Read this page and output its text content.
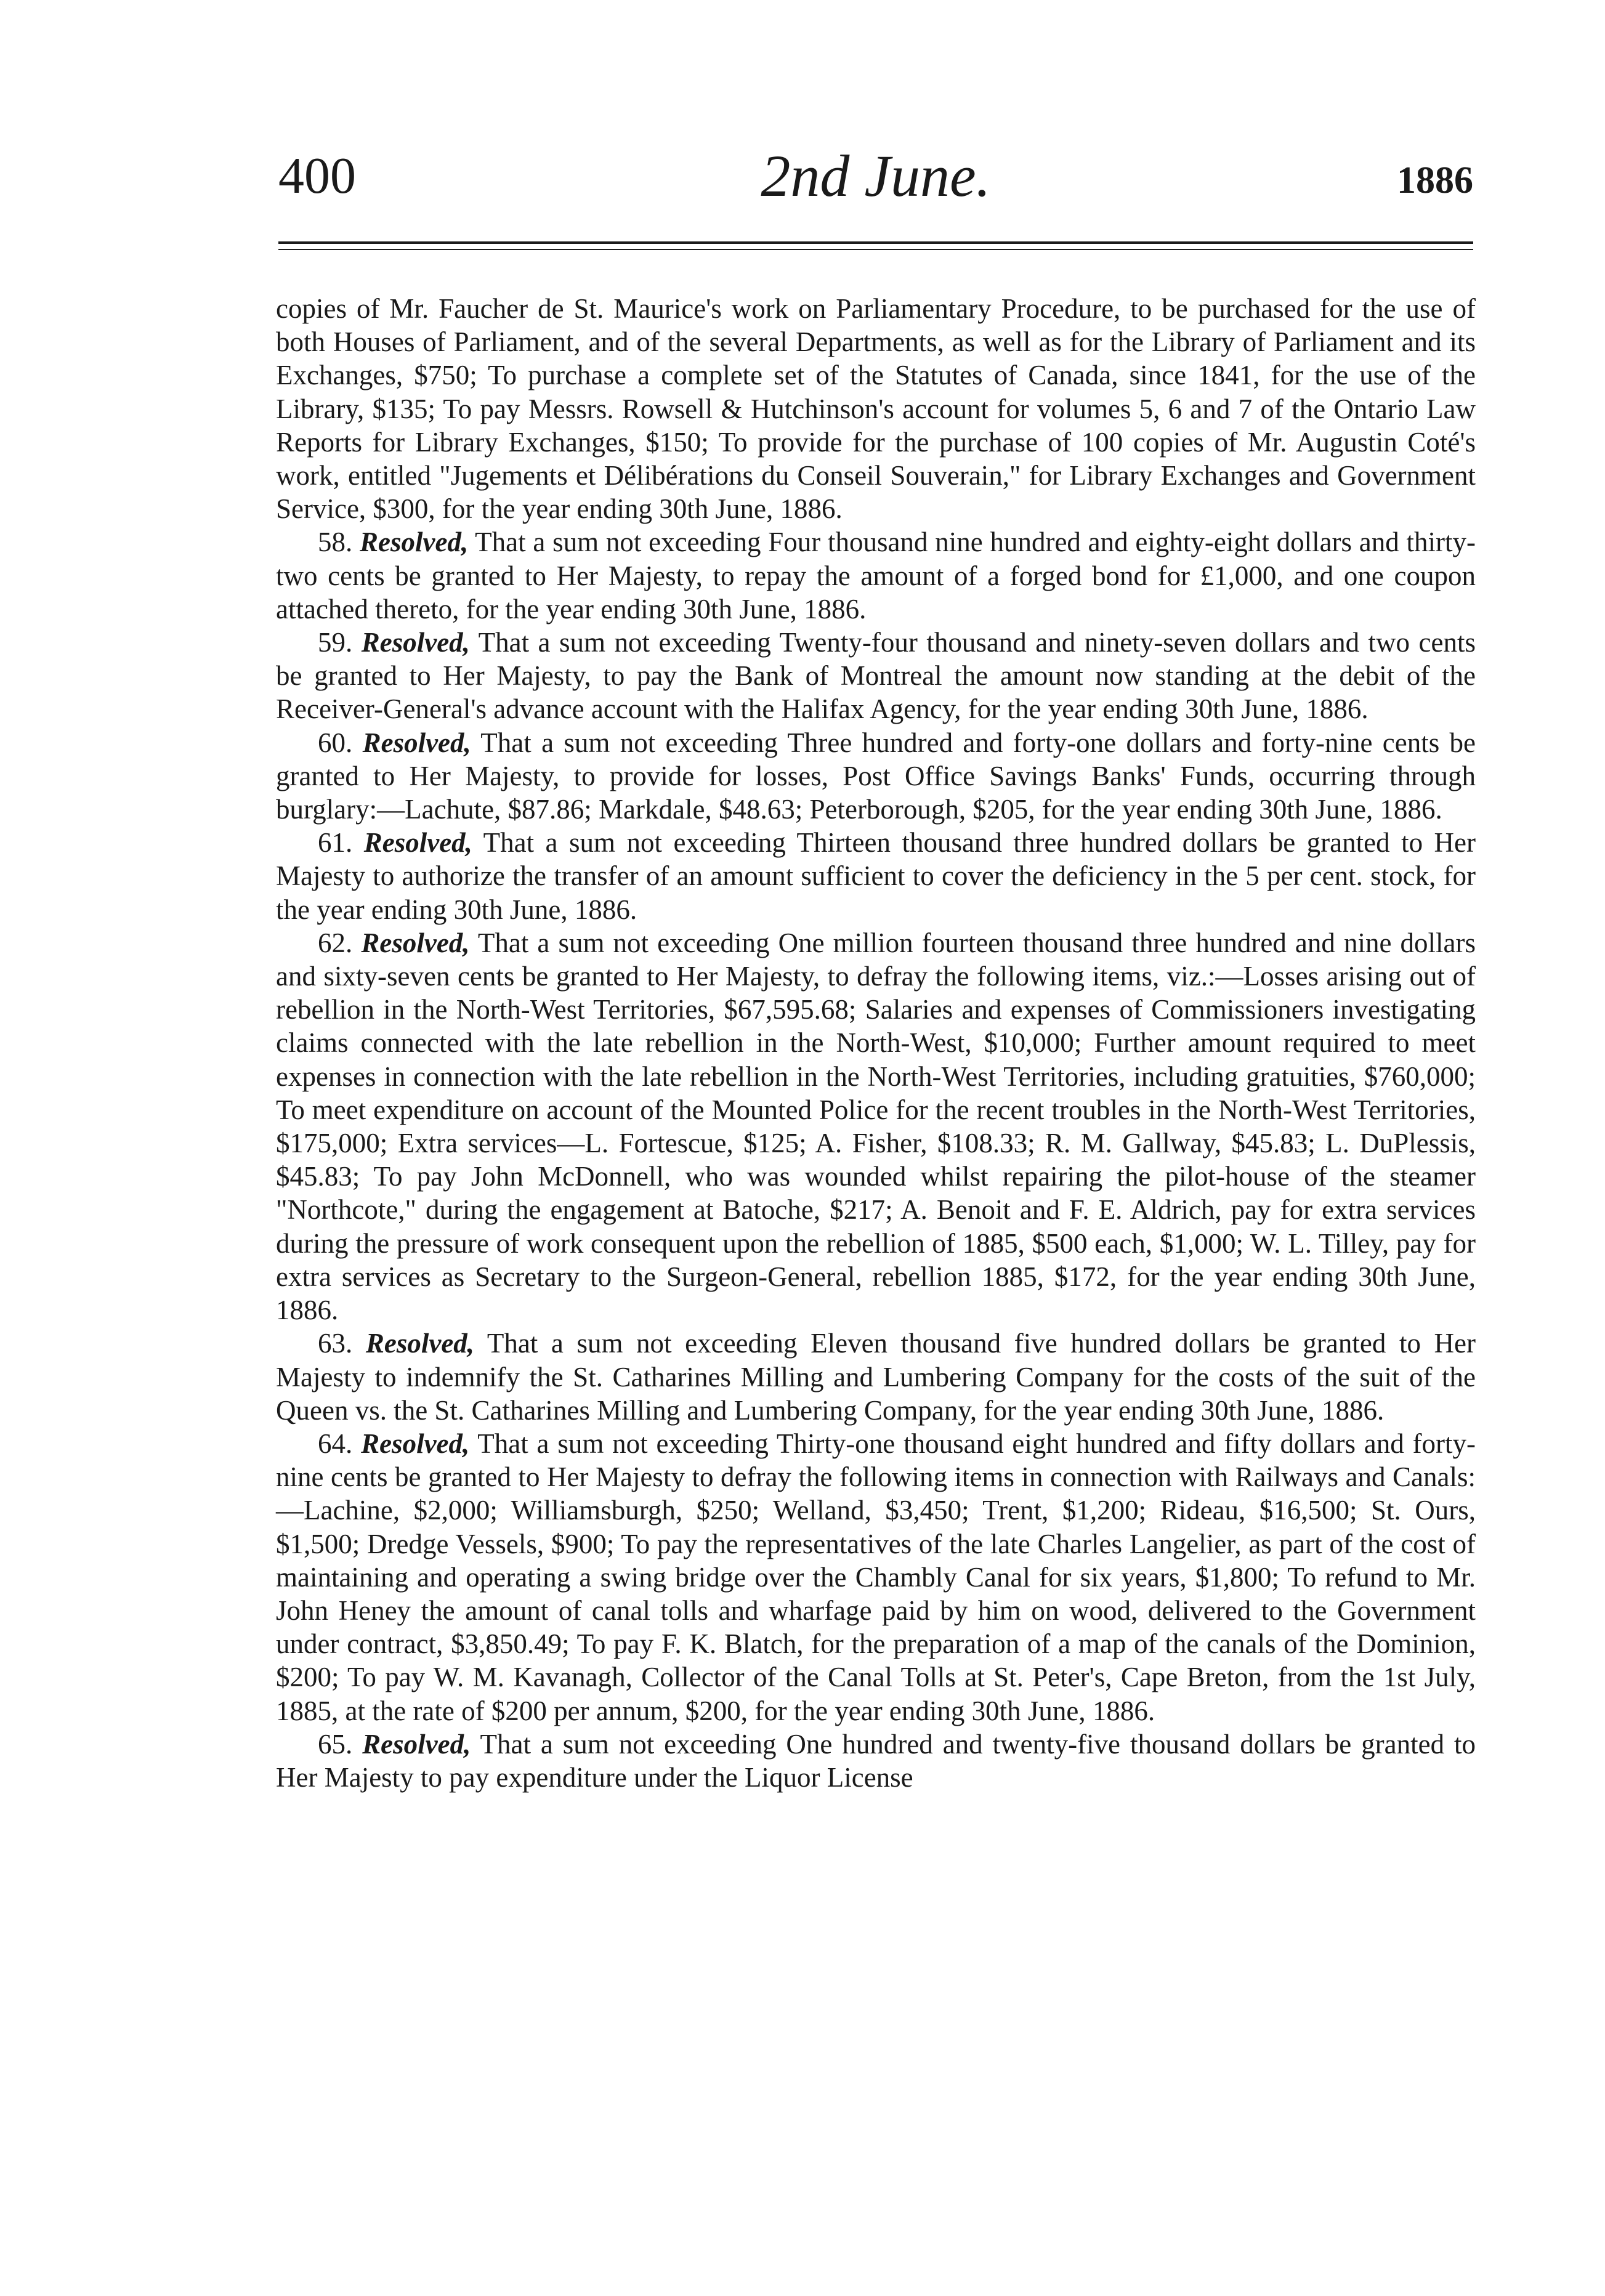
400	2nd June.	1886

copies of Mr. Faucher de St. Maurice's work on Parliamentary Procedure, to be purchased for the use of both Houses of Parliament, and of the several Departments, as well as for the Library of Parliament and its Exchanges, $750; To purchase a complete set of the Statutes of Canada, since 1841, for the use of the Library, $135; To pay Messrs. Rowsell & Hutchinson's account for volumes 5, 6 and 7 of the Ontario Law Reports for Library Exchanges, $150; To provide for the purchase of 100 copies of Mr. Augustin Coté's work, entitled "Jugements et Délibérations du Conseil Souverain," for Library Exchanges and Government Service, $300, for the year ending 30th June, 1886.

58. Resolved, That a sum not exceeding Four thousand nine hundred and eighty-eight dollars and thirty-two cents be granted to Her Majesty, to repay the amount of a forged bond for £1,000, and one coupon attached thereto, for the year ending 30th June, 1886.

59. Resolved, That a sum not exceeding Twenty-four thousand and ninety-seven dollars and two cents be granted to Her Majesty, to pay the Bank of Montreal the amount now standing at the debit of the Receiver-General's advance account with the Halifax Agency, for the year ending 30th June, 1886.

60. Resolved, That a sum not exceeding Three hundred and forty-one dollars and forty-nine cents be granted to Her Majesty, to provide for losses, Post Office Savings Banks' Funds, occurring through burglary:—Lachute, $87.86; Markdale, $48.63; Peterborough, $205, for the year ending 30th June, 1886.

61. Resolved, That a sum not exceeding Thirteen thousand three hundred dollars be granted to Her Majesty to authorize the transfer of an amount sufficient to cover the deficiency in the 5 per cent. stock, for the year ending 30th June, 1886.

62. Resolved, That a sum not exceeding One million fourteen thousand three hundred and nine dollars and sixty-seven cents be granted to Her Majesty, to defray the following items, viz.:—Losses arising out of rebellion in the North-West Territories, $67,595.68; Salaries and expenses of Commissioners investigating claims connected with the late rebellion in the North-West, $10,000; Further amount required to meet expenses in connection with the late rebellion in the North-West Territories, including gratuities, $760,000; To meet expenditure on account of the Mounted Police for the recent troubles in the North-West Territories, $175,000; Extra services—L. Fortescue, $125; A. Fisher, $108.33; R. M. Gallway, $45.83; L. DuPlessis, $45.83; To pay John McDonnell, who was wounded whilst repairing the pilot-house of the steamer "Northcote," during the engagement at Batoche, $217; A. Benoit and F. E. Aldrich, pay for extra services during the pressure of work consequent upon the rebellion of 1885, $500 each, $1,000; W. L. Tilley, pay for extra services as Secretary to the Surgeon-General, rebellion 1885, $172, for the year ending 30th June, 1886.

63. Resolved, That a sum not exceeding Eleven thousand five hundred dollars be granted to Her Majesty to indemnify the St. Catharines Milling and Lumbering Company for the costs of the suit of the Queen vs. the St. Catharines Milling and Lumbering Company, for the year ending 30th June, 1886.

64. Resolved, That a sum not exceeding Thirty-one thousand eight hundred and fifty dollars and forty-nine cents be granted to Her Majesty to defray the following items in connection with Railways and Canals:—Lachine, $2,000; Williamsburgh, $250; Welland, $3,450; Trent, $1,200; Rideau, $16,500; St. Ours, $1,500; Dredge Vessels, $900; To pay the representatives of the late Charles Langelier, as part of the cost of maintaining and operating a swing bridge over the Chambly Canal for six years, $1,800; To refund to Mr. John Heney the amount of canal tolls and wharfage paid by him on wood, delivered to the Government under contract, $3,850.49; To pay F. K. Blatch, for the preparation of a map of the canals of the Dominion, $200; To pay W. M. Kavanagh, Collector of the Canal Tolls at St. Peter's, Cape Breton, from the 1st July, 1885, at the rate of $200 per annum, $200, for the year ending 30th June, 1886.

65. Resolved, That a sum not exceeding One hundred and twenty-five thousand dollars be granted to Her Majesty to pay expenditure under the Liquor License
